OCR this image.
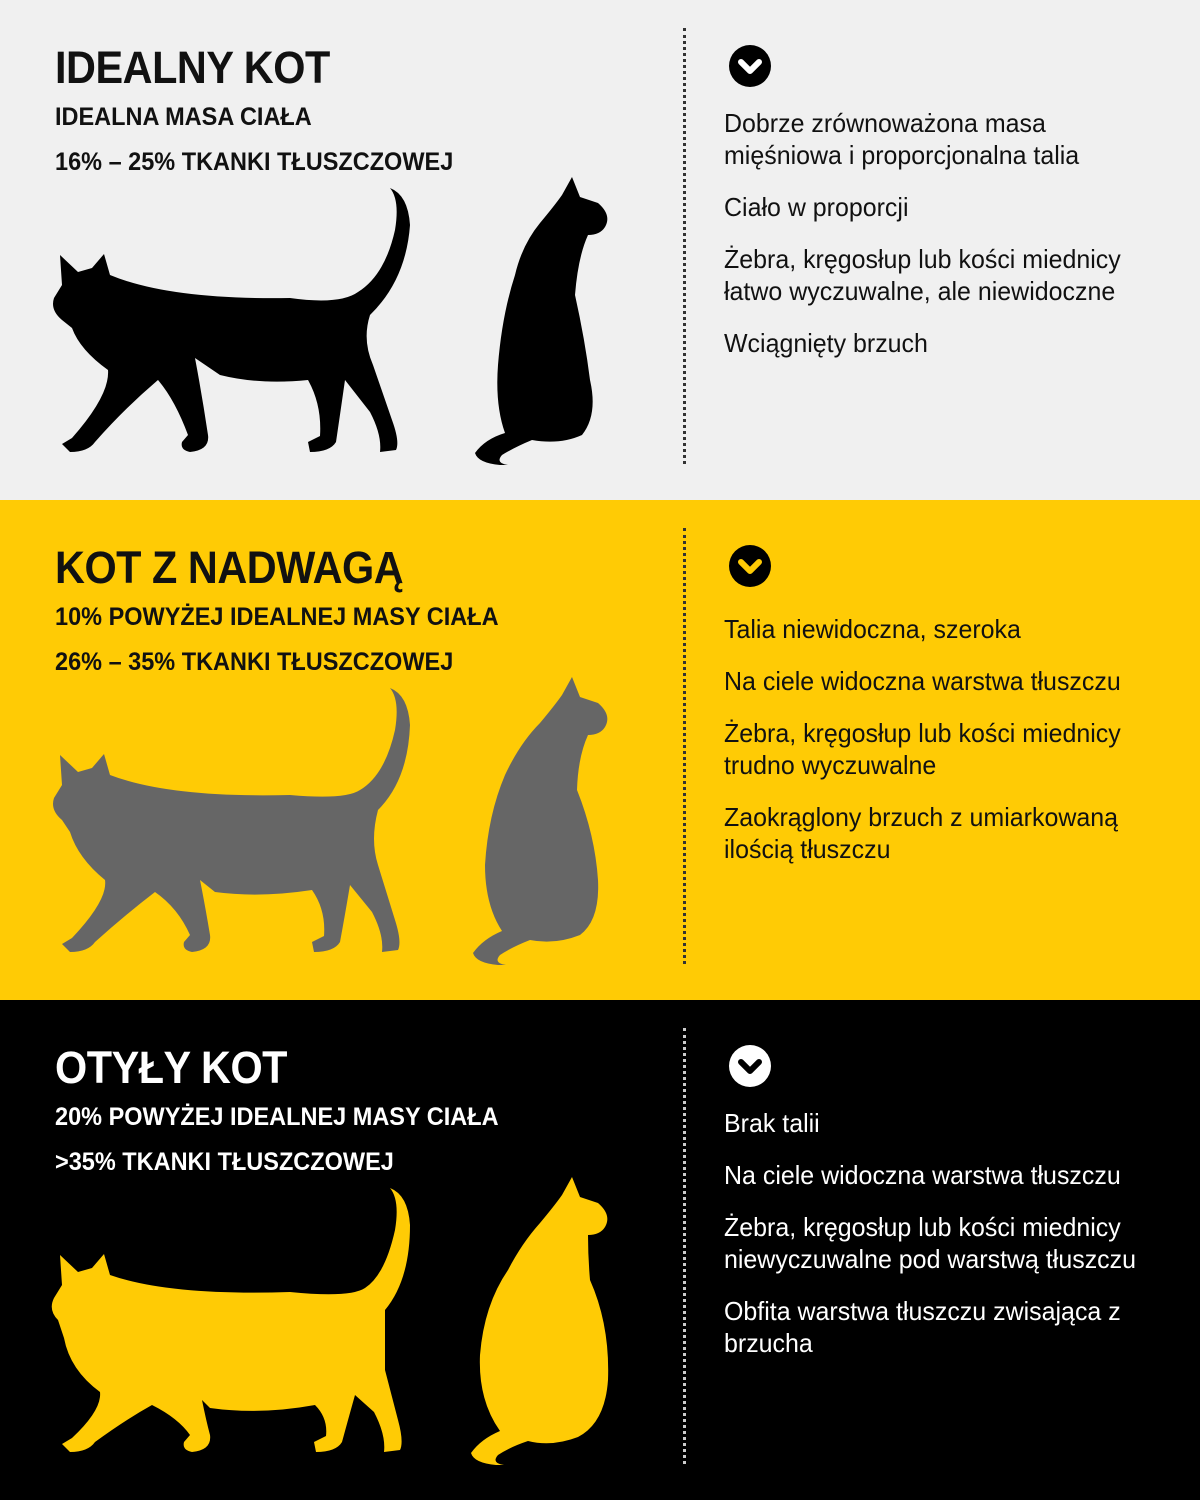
IDEALNY KOT

IDEALNA MASA CIAŁA

16% – 25% TKANKI TŁUSZCZOWEJ

Dobrze zrównoważona masa mięśniowa i proporcjonalna talia
Ciało w proporcji
Żebra, kręgosłup lub kości miednicy łatwo wyczuwalne, ale niewidoczne
Wciągnięty brzuch
KOT Z NADWAGĄ

10% POWYŻEJ IDEALNEJ MASY CIAŁA

26% – 35% TKANKI TŁUSZCZOWEJ

Talia niewidoczna, szeroka
Na ciele widoczna warstwa tłuszczu
Żebra, kręgosłup lub kości miednicy trudno wyczuwalne
Zaokrąglony brzuch z umiarkowaną ilością tłuszczu
OTYŁY KOT

20% POWYŻEJ IDEALNEJ MASY CIAŁA

>35% TKANKI TŁUSZCZOWEJ

Brak talii
Na ciele widoczna warstwa tłuszczu
Żebra, kręgosłup lub kości miednicy niewyczuwalne pod warstwą tłuszczu
Obfita warstwa tłuszczu zwisająca z brzucha
